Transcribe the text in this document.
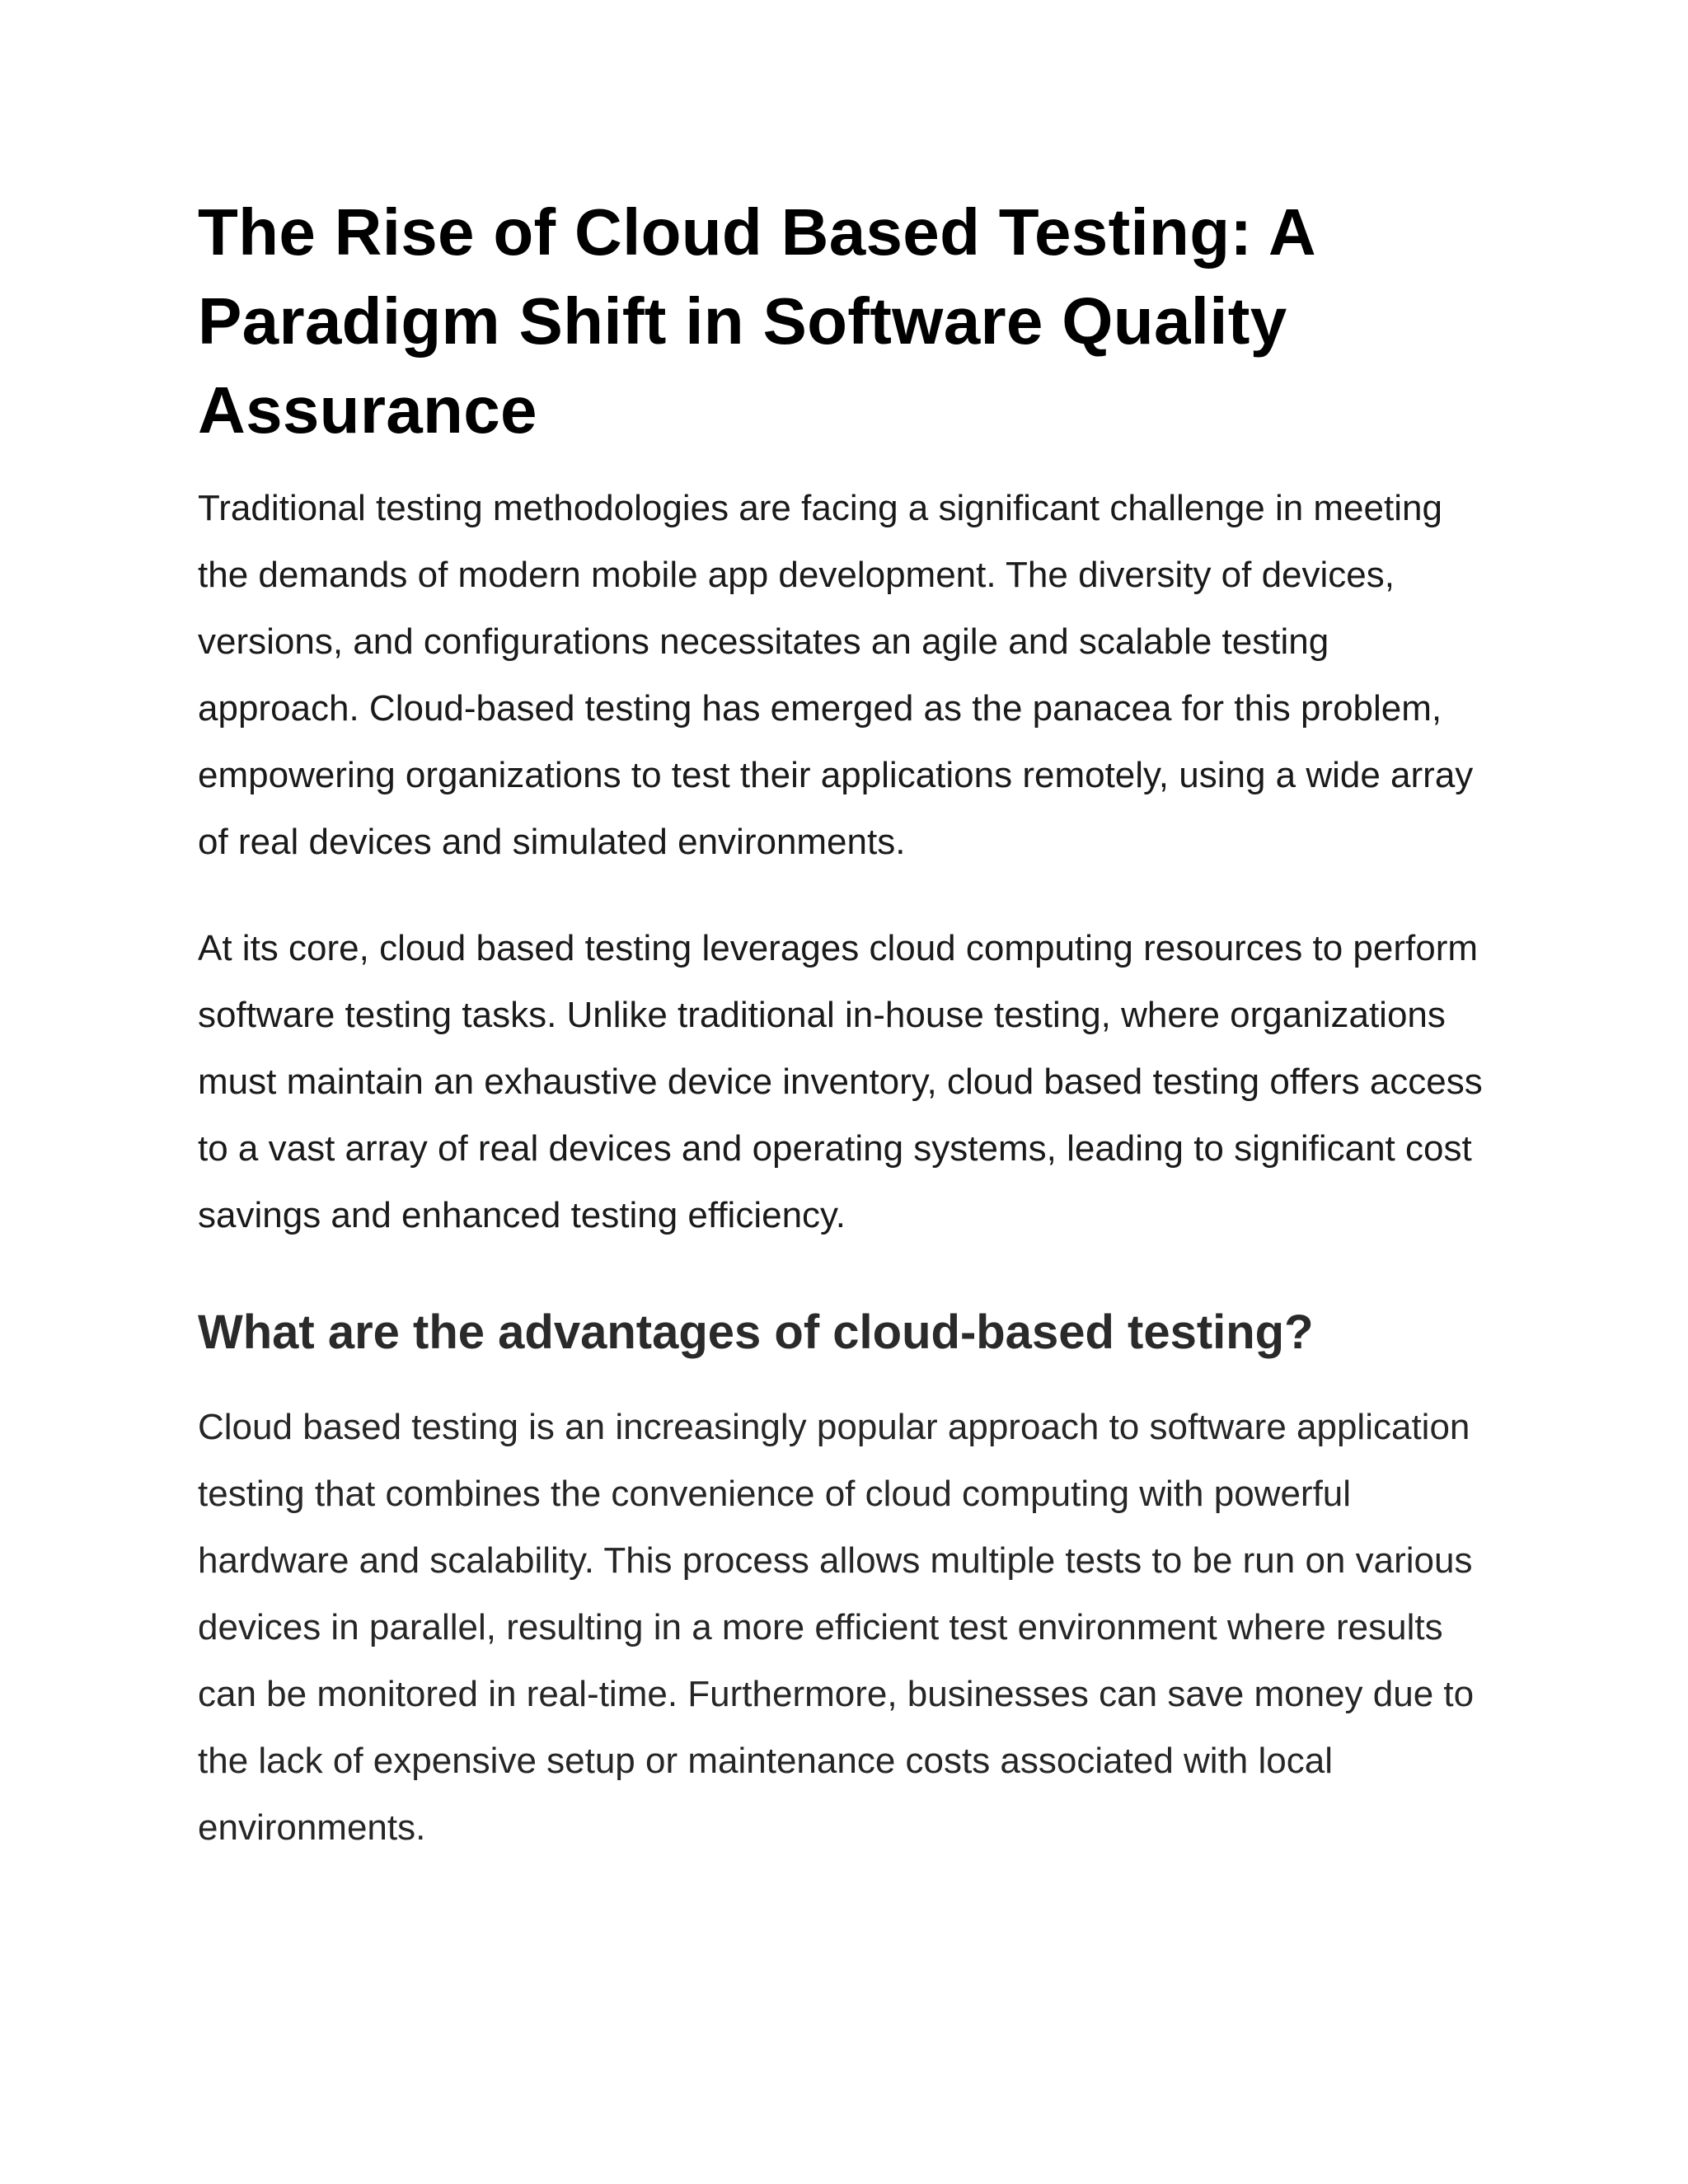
The Rise of Cloud Based Testing: A Paradigm Shift in Software Quality Assurance

Traditional testing methodologies are facing a significant challenge in meeting the demands of modern mobile app development. The diversity of devices, versions, and configurations necessitates an agile and scalable testing approach. Cloud-based testing has emerged as the panacea for this problem, empowering organizations to test their applications remotely, using a wide array of real devices and simulated environments.

At its core, cloud based testing leverages cloud computing resources to perform software testing tasks. Unlike traditional in-house testing, where organizations must maintain an exhaustive device inventory, cloud based testing offers access to a vast array of real devices and operating systems, leading to significant cost savings and enhanced testing efficiency.

What are the advantages of cloud-based testing?

Cloud based testing is an increasingly popular approach to software application testing that combines the convenience of cloud computing with powerful hardware and scalability. This process allows multiple tests to be run on various devices in parallel, resulting in a more efficient test environment where results can be monitored in real-time. Furthermore, businesses can save money due to the lack of expensive setup or maintenance costs associated with local environments.
